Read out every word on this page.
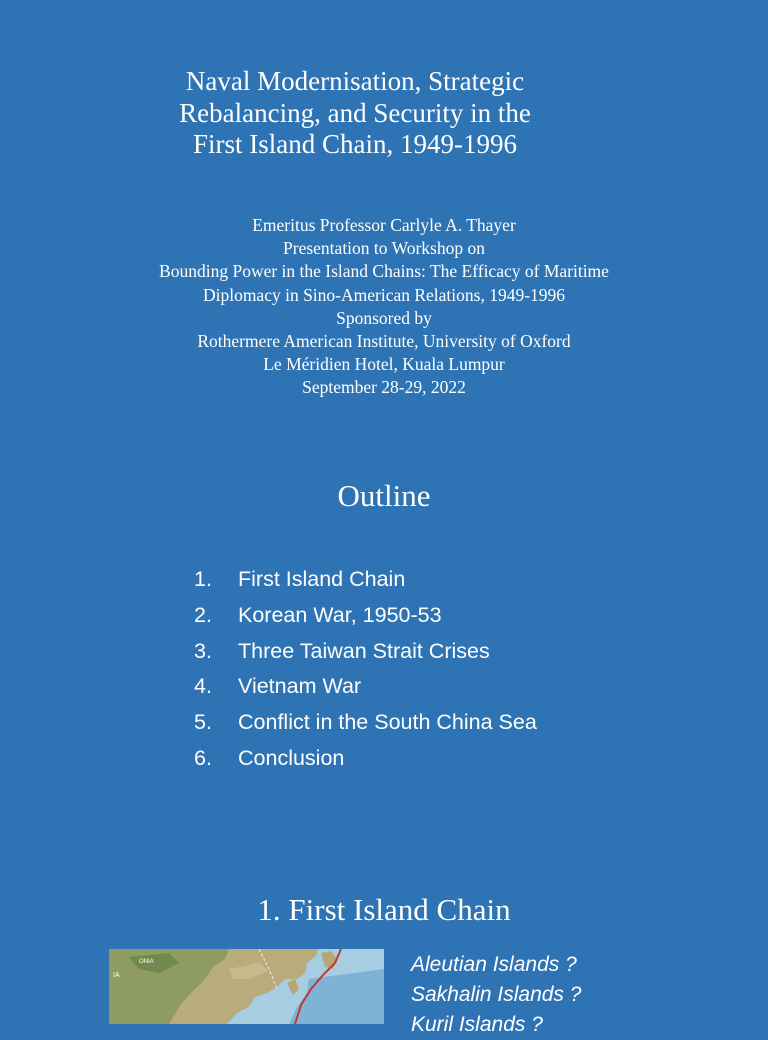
Naval Modernisation, Strategic
Rebalancing, and Security in the
First Island Chain, 1949-1996
Emeritus Professor Carlyle A. Thayer
Presentation to Workshop on
Bounding Power in the Island Chains: The Efficacy of Maritime
Diplomacy in Sino-American Relations, 1949-1996
Sponsored by
Rothermere American Institute, University of Oxford
Le Méridien Hotel, Kuala Lumpur
September 28-29, 2022
Outline
1.	First Island Chain
2.	Korean War, 1950-53
3.	Three Taiwan Strait Crises
4.	Vietnam War
5.	Conflict in the South China Sea
6.	Conclusion
1. First Island Chain
ONIA
IA	Aleutian Islands ?
Sakhalin Islands ?
Kuril Islands ?
